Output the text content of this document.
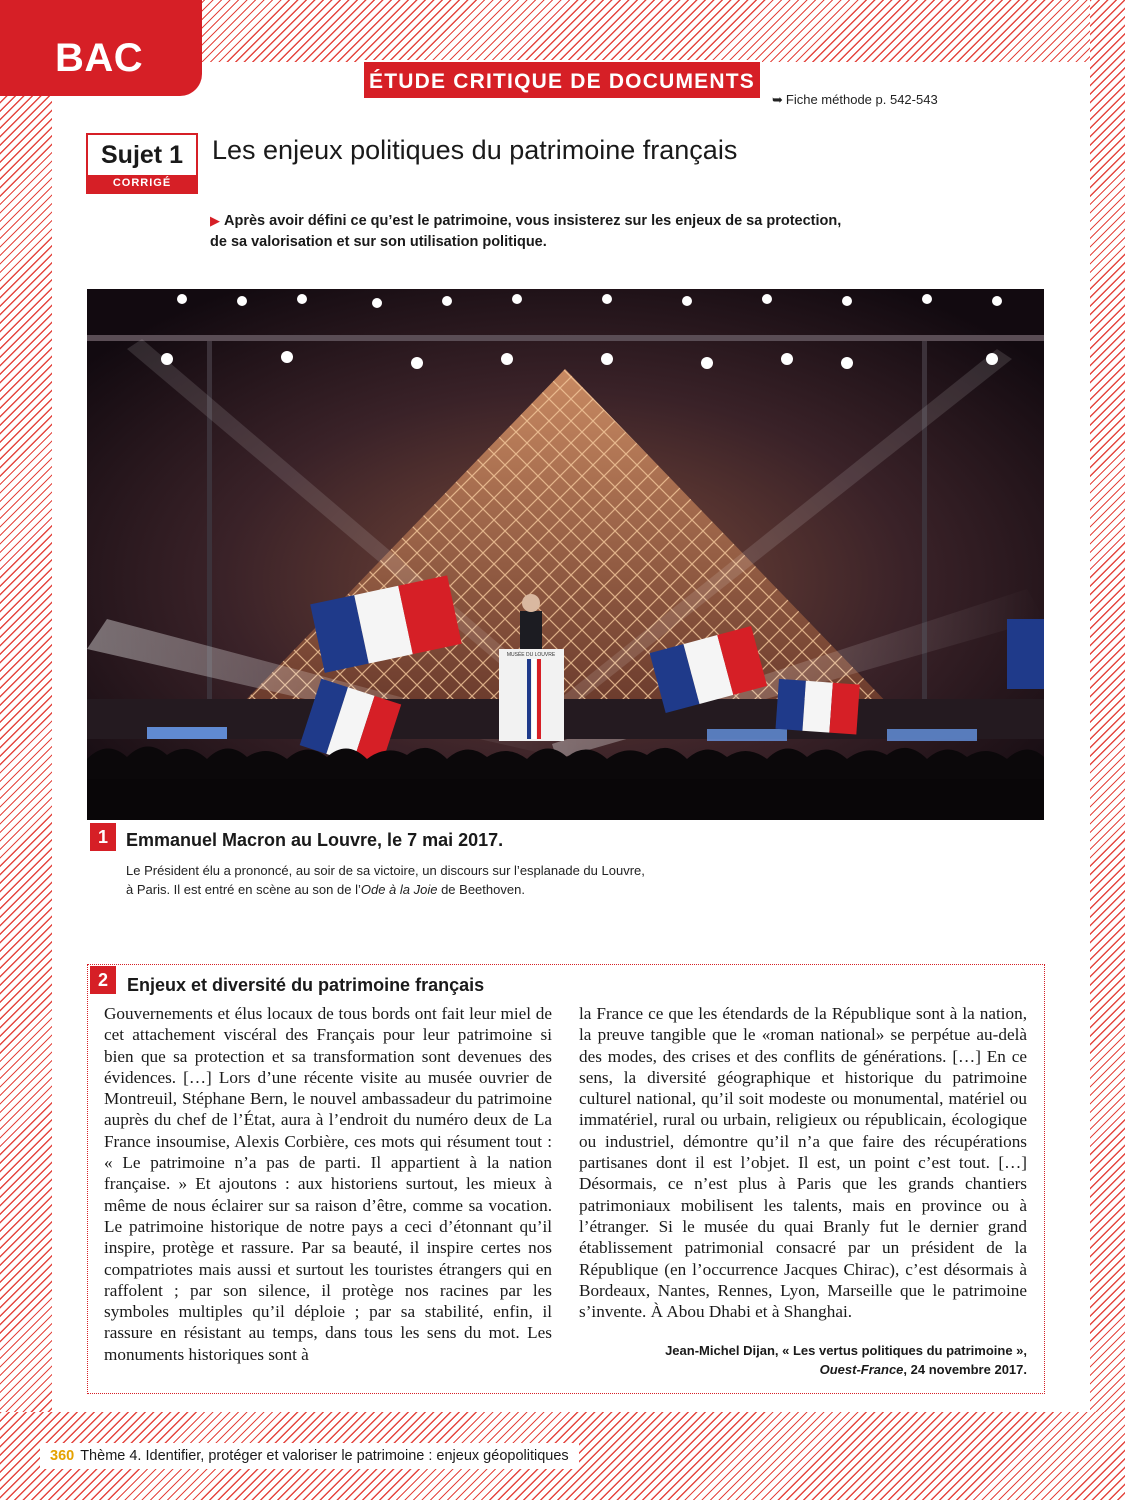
BAC
ÉTUDE CRITIQUE DE DOCUMENTS
➥ Fiche méthode p. 542-543
Sujet 1
CORRIGÉ
Les enjeux politiques du patrimoine français
▶ Après avoir défini ce qu’est le patrimoine, vous insisterez sur les enjeux de sa protection,
de sa valorisation et sur son utilisation politique.
MUSÉE DU LOUVRE
1	Emmanuel Macron au Louvre, le 7 mai 2017.
Le Président élu a prononcé, au soir de sa victoire, un discours sur l’esplanade du Louvre, à Paris. Il est entré en scène au son de l’Ode à la Joie de Beethoven.
2	Enjeux et diversité du patrimoine français
Gouvernements et élus locaux de tous bords ont fait leur miel de cet attachement viscéral des Français pour leur patrimoine si bien que sa protection et sa transformation sont devenues des évidences. […] Lors d’une récente visite au musée ouvrier de Montreuil, Stéphane Bern, le nouvel ambassadeur du patrimoine auprès du chef de l’État, aura à l’endroit du numéro deux de La France insoumise, Alexis Corbière, ces mots qui résument tout : « Le patrimoine n’a pas de parti. Il appartient à la nation française. » Et ajoutons : aux historiens surtout, les mieux à même de nous éclairer sur sa raison d’être, comme sa vocation. Le patrimoine historique de notre pays a ceci d’étonnant qu’il inspire, protège et rassure. Par sa beauté, il inspire certes nos compatriotes mais aussi et surtout les touristes étrangers qui en raffolent ; par son silence, il protège nos racines par les symboles multiples qu’il déploie ; par sa stabilité, enfin, il rassure en résistant au temps, dans tous les sens du mot. Les monuments historiques sont à
la France ce que les étendards de la République sont à la nation, la preuve tangible que le «roman national» se perpétue au-delà des modes, des crises et des conflits de générations. […] En ce sens, la diversité géographique et historique du patrimoine culturel national, qu’il soit modeste ou monumental, matériel ou immatériel, rural ou urbain, religieux ou républicain, écologique ou industriel, démontre qu’il n’a que faire des récupérations partisanes dont il est l’objet. Il est, un point c’est tout. […] Désormais, ce n’est plus à Paris que les grands chantiers patrimoniaux mobilisent les talents, mais en province ou à l’étranger. Si le musée du quai Branly fut le dernier grand établissement patrimonial consacré par un président de la République (en l’occurrence Jacques Chirac), c’est désormais à Bordeaux, Nantes, Rennes, Lyon, Marseille que le patrimoine s’invente. À Abou Dhabi et à Shanghai.
Jean-Michel Dijan, « Les vertus politiques du patrimoine »,
Ouest-France, 24 novembre 2017.
360 Thème 4. Identifier, protéger et valoriser le patrimoine : enjeux géopolitiques
